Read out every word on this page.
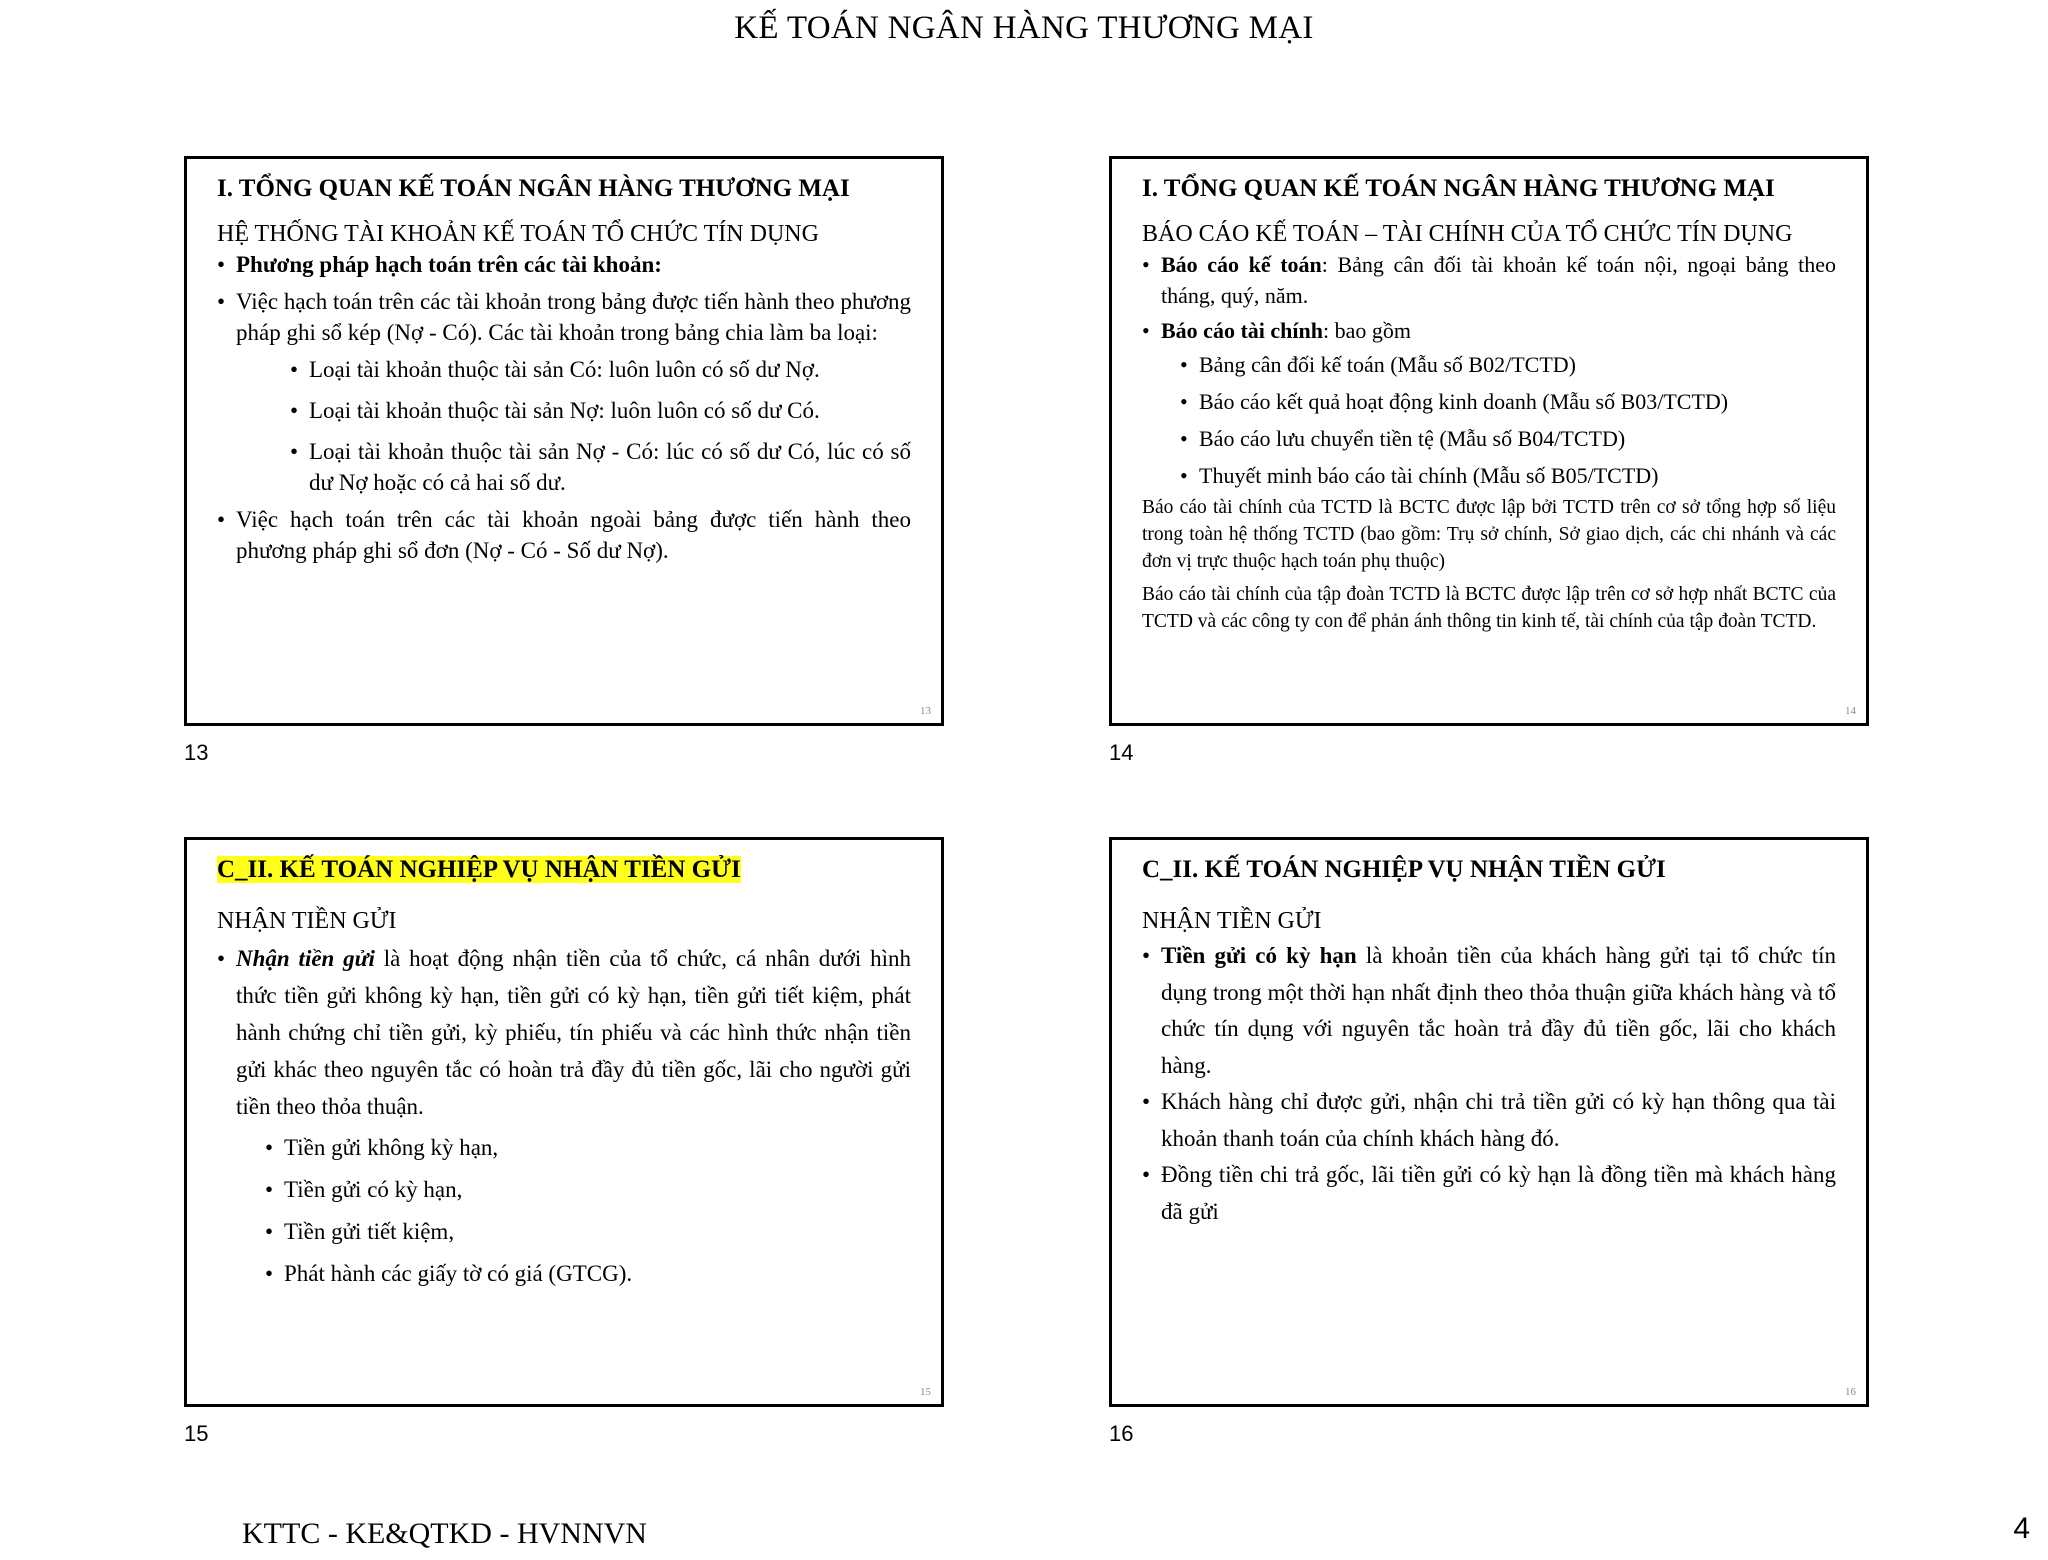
KẾ TOÁN NGÂN HÀNG THƯƠNG MẠI

I. TỔNG QUAN KẾ TOÁN NGÂN HÀNG THƯƠNG MẠI

HỆ THỐNG TÀI KHOẢN KẾ TOÁN TỔ CHỨC TÍN DỤNG

• Phương pháp hạch toán trên các tài khoản:
• Việc hạch toán trên các tài khoản trong bảng được tiến hành theo phương pháp ghi sổ kép (Nợ - Có). Các tài khoản trong bảng chia làm ba loại:
• Loại tài khoản thuộc tài sản Có: luôn luôn có số dư Nợ.
• Loại tài khoản thuộc tài sản Nợ: luôn luôn có số dư Có.
• Loại tài khoản thuộc tài sản Nợ - Có: lúc có số dư Có, lúc có số dư Nợ hoặc có cả hai số dư.
• Việc hạch toán trên các tài khoản ngoài bảng được tiến hành theo phương pháp ghi sổ đơn (Nợ - Có - Số dư Nợ).
13
13

I. TỔNG QUAN KẾ TOÁN NGÂN HÀNG THƯƠNG MẠI

BÁO CÁO KẾ TOÁN – TÀI CHÍNH CỦA TỔ CHỨC TÍN DỤNG

• Báo cáo kế toán: Bảng cân đối tài khoản kế toán nội, ngoại bảng theo tháng, quý, năm.
• Báo cáo tài chính: bao gồm
• Bảng cân đối kế toán (Mẫu số B02/TCTD)
• Báo cáo kết quả hoạt động kinh doanh (Mẫu số B03/TCTD)
• Báo cáo lưu chuyển tiền tệ (Mẫu số B04/TCTD)
• Thuyết minh báo cáo tài chính (Mẫu số B05/TCTD)

Báo cáo tài chính của TCTD là BCTC được lập bởi TCTD trên cơ sở tổng hợp số liệu trong toàn hệ thống TCTD (bao gồm: Trụ sở chính, Sở giao dịch, các chi nhánh và các đơn vị trực thuộc hạch toán phụ thuộc)

Báo cáo tài chính của tập đoàn TCTD là BCTC được lập trên cơ sở hợp nhất BCTC của TCTD và các công ty con để phản ánh thông tin kinh tế, tài chính của tập đoàn TCTD.

14
14

C_II. KẾ TOÁN NGHIỆP VỤ NHẬN TIỀN GỬI

NHẬN TIỀN GỬI

• Nhận tiền gửi là hoạt động nhận tiền của tổ chức, cá nhân dưới hình thức tiền gửi không kỳ hạn, tiền gửi có kỳ hạn, tiền gửi tiết kiệm, phát hành chứng chỉ tiền gửi, kỳ phiếu, tín phiếu và các hình thức nhận tiền gửi khác theo nguyên tắc có hoàn trả đầy đủ tiền gốc, lãi cho người gửi tiền theo thỏa thuận.
• Tiền gửi không kỳ hạn,
• Tiền gửi có kỳ hạn,
• Tiền gửi tiết kiệm,
• Phát hành các giấy tờ có giá (GTCG).
15
15

C_II. KẾ TOÁN NGHIỆP VỤ NHẬN TIỀN GỬI

NHẬN TIỀN GỬI

• Tiền gửi có kỳ hạn là khoản tiền của khách hàng gửi tại tổ chức tín dụng trong một thời hạn nhất định theo thỏa thuận giữa khách hàng và tổ chức tín dụng với nguyên tắc hoàn trả đầy đủ tiền gốc, lãi cho khách hàng.
• Khách hàng chỉ được gửi, nhận chi trả tiền gửi có kỳ hạn thông qua tài khoản thanh toán của chính khách hàng đó.
• Đồng tiền chi trả gốc, lãi tiền gửi có kỳ hạn là đồng tiền mà khách hàng đã gửi
16
16
KTTC - KE&QTKD - HVNNVN	4
